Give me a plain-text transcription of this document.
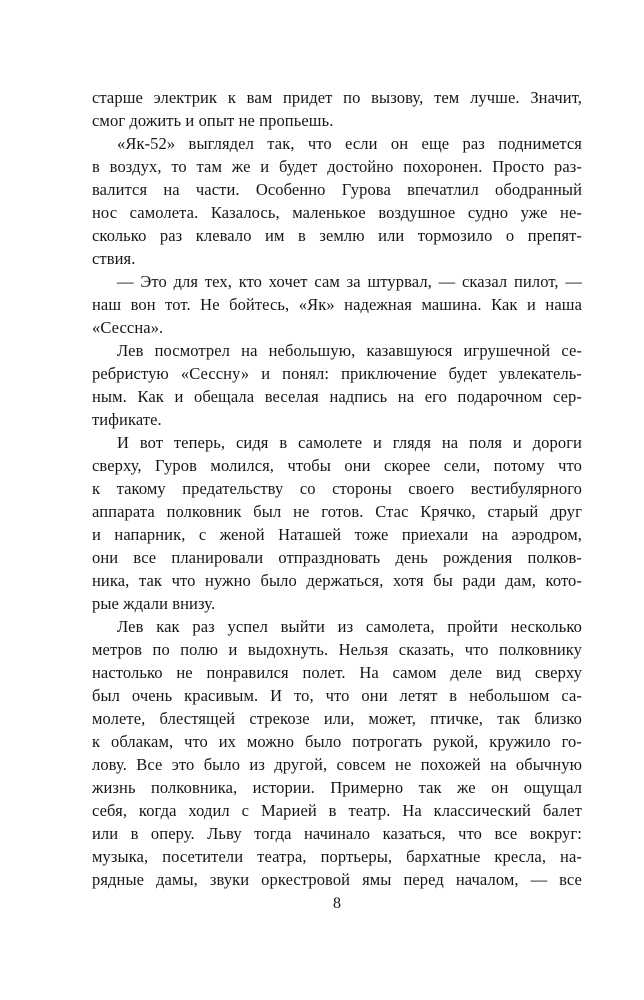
старше электрик к вам придет по вызову, тем лучше. Значит,
смог дожить и опыт не пропьешь.
«Як-52» выглядел так, что если он еще раз поднимется
в воздух, то там же и будет достойно похоронен. Просто раз-
валится на части. Особенно Гурова впечатлил ободранный
нос самолета. Казалось, маленькое воздушное судно уже не-
сколько раз клевало им в землю или тормозило о препят-
ствия.
— Это для тех, кто хочет сам за штурвал, — сказал пилот, —
наш вон тот. Не бойтесь, «Як» надежная машина. Как и наша
«Сессна».
Лев посмотрел на небольшую, казавшуюся игрушечной се-
ребристую «Сессну» и понял: приключение будет увлекатель-
ным. Как и обещала веселая надпись на его подарочном сер-
тификате.
И вот теперь, сидя в самолете и глядя на поля и дороги
сверху, Гуров молился, чтобы они скорее сели, потому что
к такому предательству со стороны своего вестибулярного
аппарата полковник был не готов. Стас Крячко, старый друг
и напарник, с женой Наташей тоже приехали на аэродром,
они все планировали отпраздновать день рождения полков-
ника, так что нужно было держаться, хотя бы ради дам, кото-
рые ждали внизу.
Лев как раз успел выйти из самолета, пройти несколько
метров по полю и выдохнуть. Нельзя сказать, что полковнику
настолько не понравился полет. На самом деле вид сверху
был очень красивым. И то, что они летят в небольшом са-
молете, блестящей стрекозе или, может, птичке, так близко
к облакам, что их можно было потрогать рукой, кружило го-
лову. Все это было из другой, совсем не похожей на обычную
жизнь полковника, истории. Примерно так же он ощущал
себя, когда ходил с Марией в театр. На классический балет
или в оперу. Льву тогда начинало казаться, что все вокруг:
музыка, посетители театра, портьеры, бархатные кресла, на-
рядные дамы, звуки оркестровой ямы перед началом, — все
8
